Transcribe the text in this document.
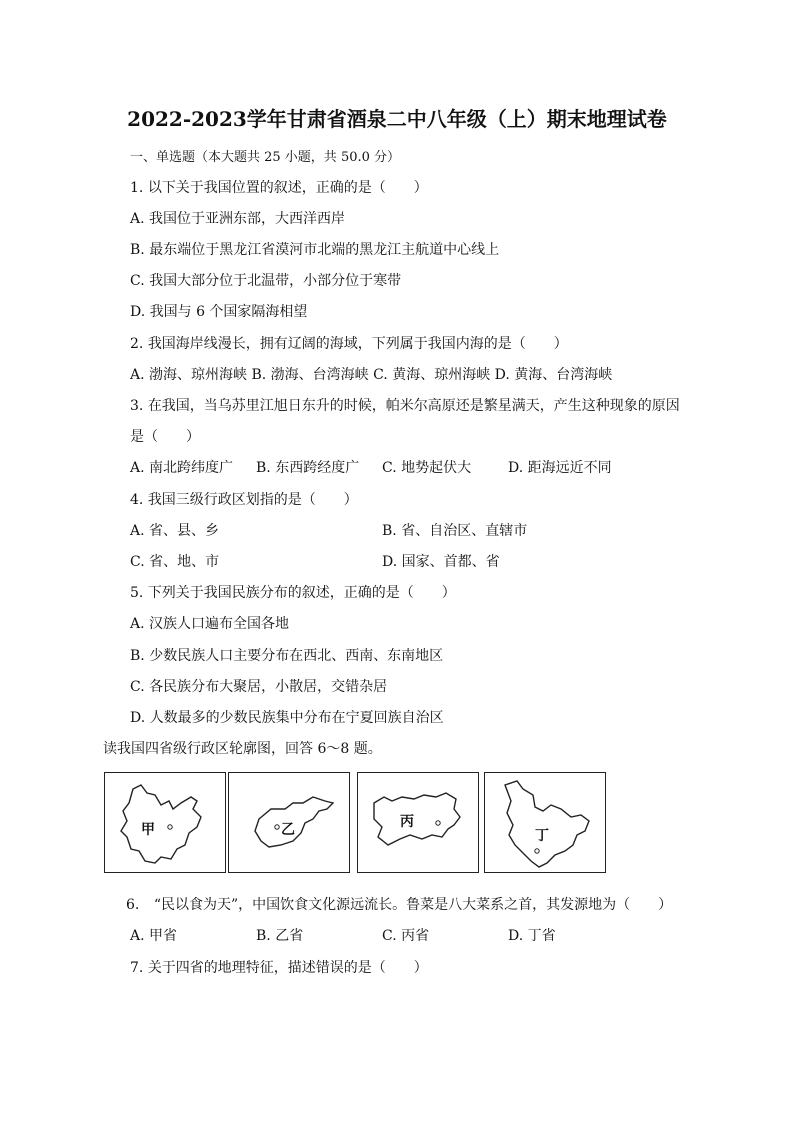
2022-2023学年甘肃省酒泉二中八年级（上）期末地理试卷
一、单选题（本大题共 25 小题，共 50.0 分）
1. 以下关于我国位置的叙述，正确的是（　　）
A. 我国位于亚洲东部，大西洋西岸
B. 最东端位于黑龙江省漠河市北端的黑龙江主航道中心线上
C. 我国大部分位于北温带，小部分位于寒带
D. 我国与 6 个国家隔海相望
2. 我国海岸线漫长，拥有辽阔的海域，下列属于我国内海的是（　　）
A. 渤海、琼州海峡 B. 渤海、台湾海峡 C. 黄海、琼州海峡 D. 黄海、台湾海峡
3. 在我国，当乌苏里江旭日东升的时候，帕米尔高原还是繁星满天，产生这种现象的原因
是（　　）
A. 南北跨纬度广 B. 东西跨经度广 C. 地势起伏大	D. 距海远近不同
4. 我国三级行政区划指的是（　　）
A. 省、县、乡	B. 省、自治区、直辖市
C. 省、地、市	D. 国家、首都、省
5. 下列关于我国民族分布的叙述，正确的是（　　）
A. 汉族人口遍布全国各地
B. 少数民族人口主要分布在西北、西南、东南地区
C. 各民族分布大聚居，小散居，交错杂居
D. 人数最多的少数民族集中分布在宁夏回族自治区
读我国四省级行政区轮廓图，回答 6～8 题。
甲	乙	丙
丁
6. “民以食为天”，中国饮食文化源远流长。鲁菜是八大菜系之首，其发源地为（　　）
A. 甲省	B. 乙省	C. 丙省	D. 丁省
7. 关于四省的地理特征，描述错误的是（　　）
